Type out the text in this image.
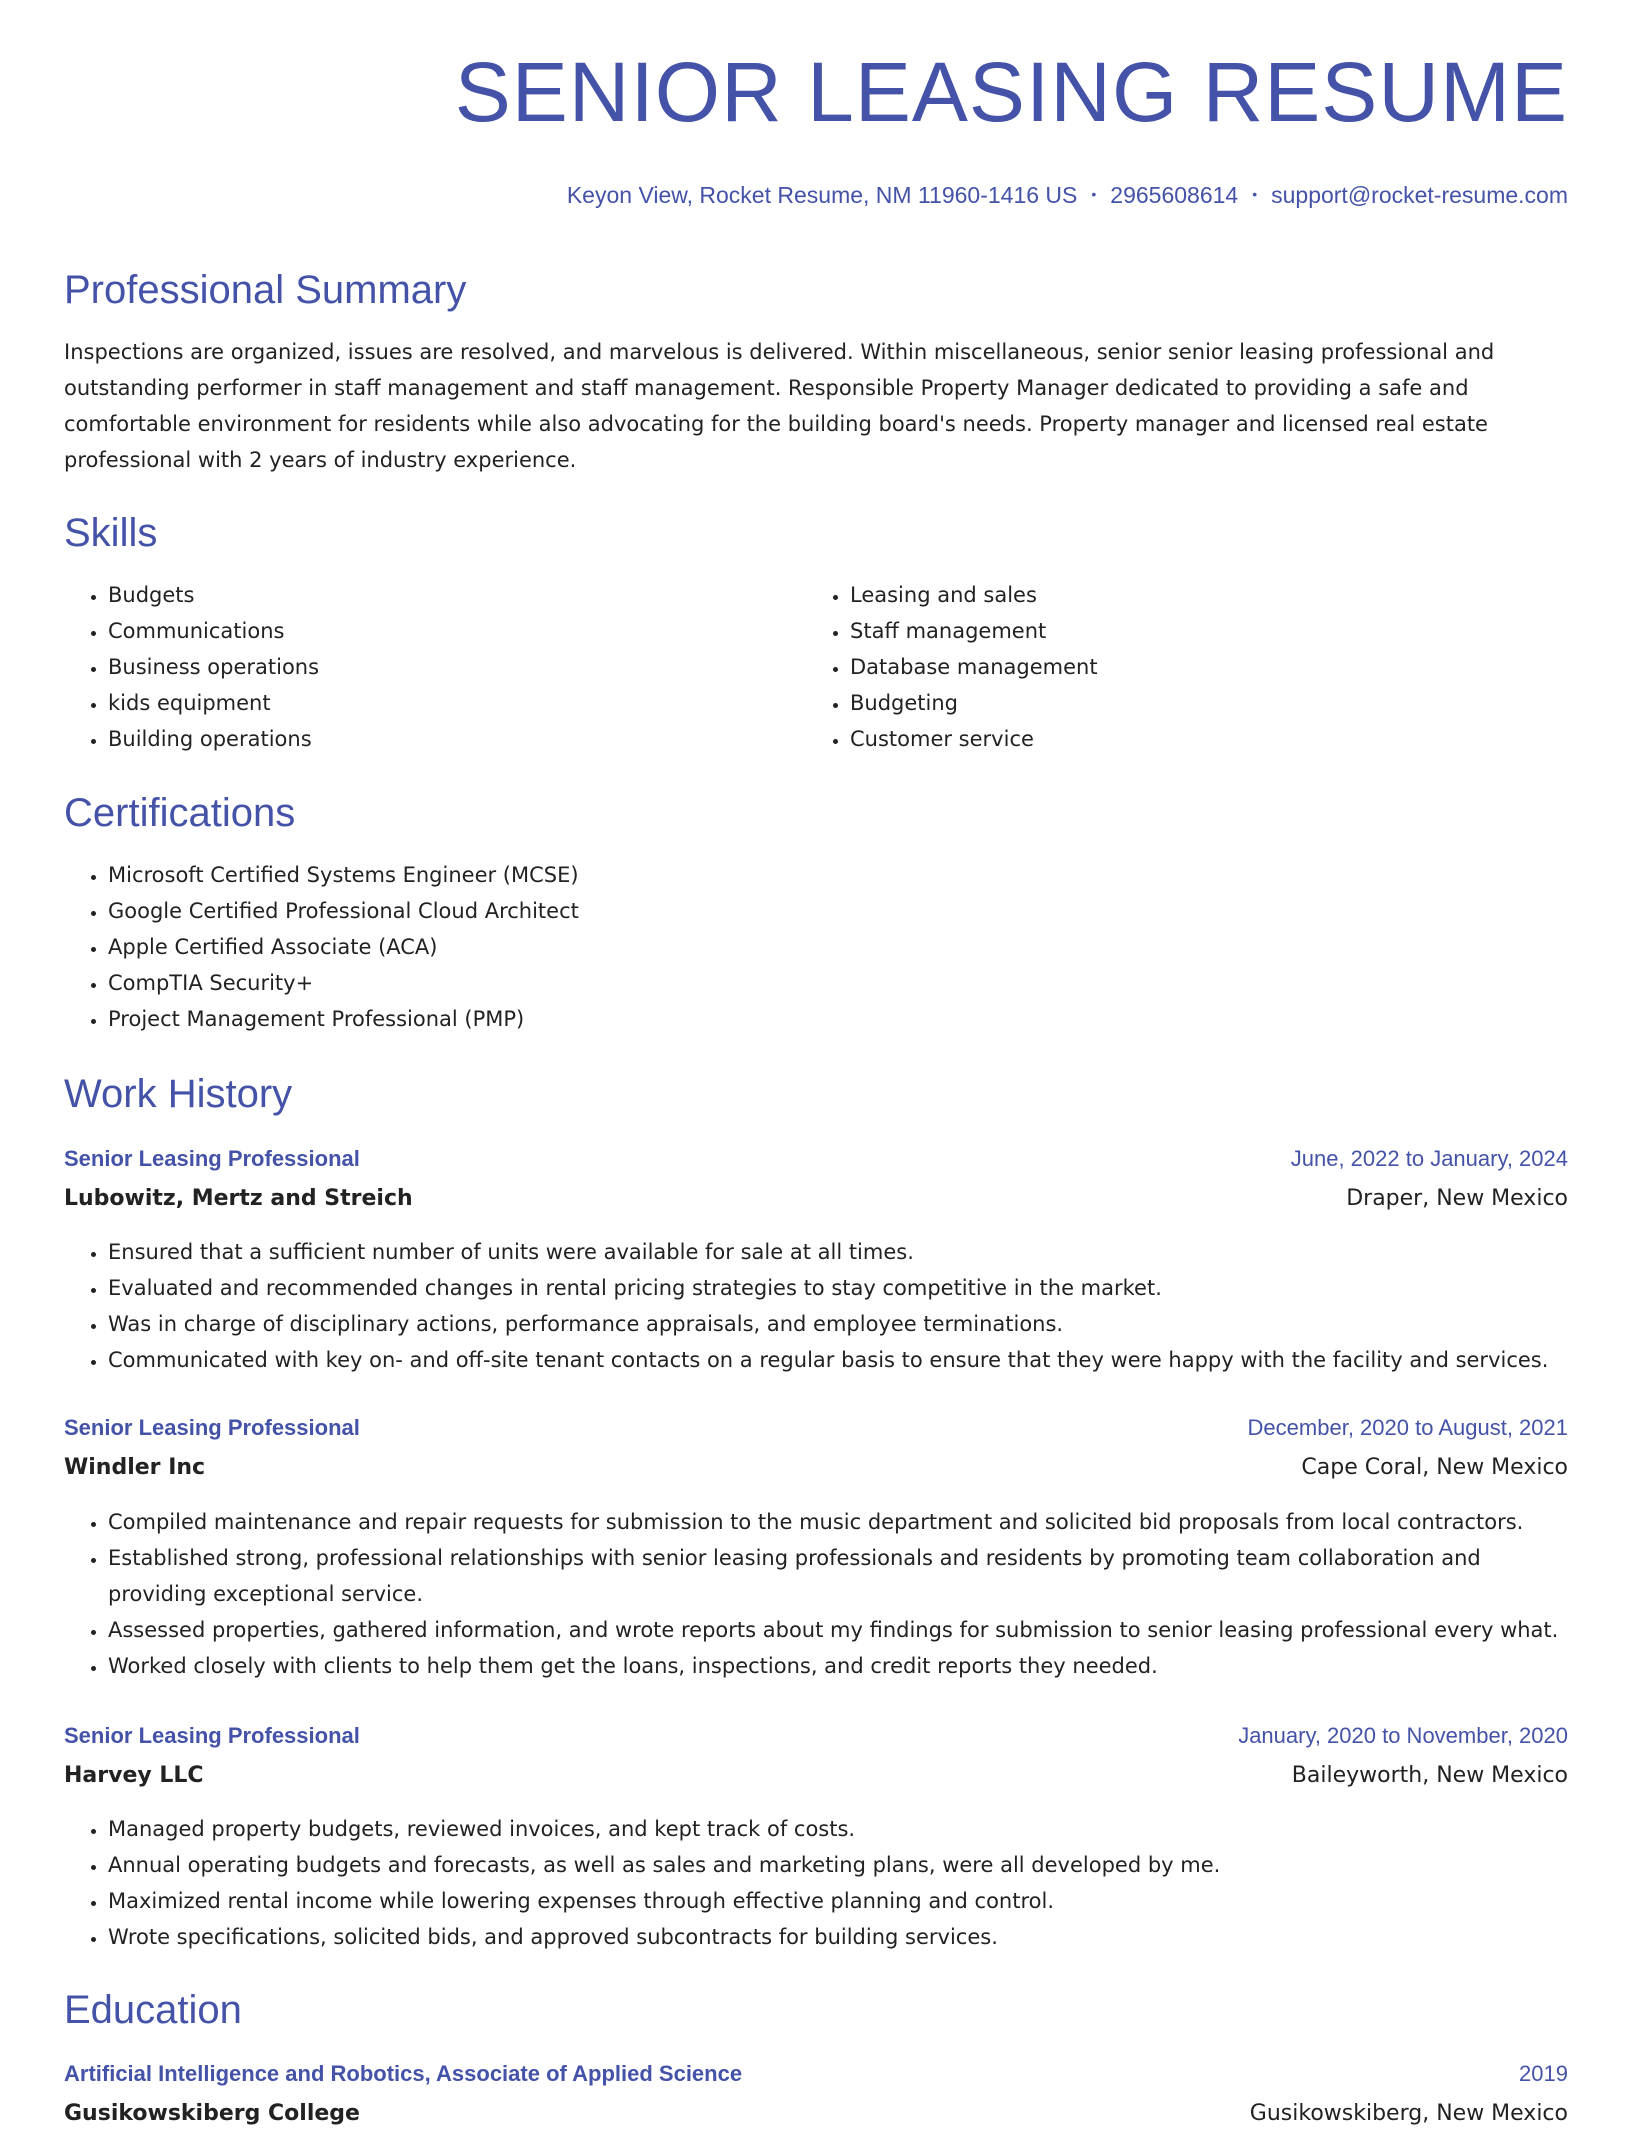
SENIOR LEASING RESUME
Keyon View, Rocket Resume, NM 11960-1416 US • 2965608614 • support@rocket-resume.com
Professional Summary

Inspections are organized, issues are resolved, and marvelous is delivered. Within miscellaneous, senior senior leasing professional and outstanding performer in staff management and staff management. Responsible Property Manager dedicated to providing a safe and comfortable environment for residents while also advocating for the building board's needs. Property manager and licensed real estate professional with 2 years of industry experience.

Skills
• Budgets
• Communications
• Business operations
• kids equipment
• Building operations
• Leasing and sales
• Staff management
• Database management
• Budgeting
• Customer service
Certifications
• Microsoft Certified Systems Engineer (MCSE)
• Google Certified Professional Cloud Architect
• Apple Certified Associate (ACA)
• CompTIA Security+
• Project Management Professional (PMP)
Work History
Senior Leasing Professional	June, 2022 to January, 2024
Lubowitz, Mertz and Streich	Draper, New Mexico
• Ensured that a sufficient number of units were available for sale at all times.
• Evaluated and recommended changes in rental pricing strategies to stay competitive in the market.
• Was in charge of disciplinary actions, performance appraisals, and employee terminations.
• Communicated with key on- and off-site tenant contacts on a regular basis to ensure that they were happy with the facility and services.
Senior Leasing Professional	December, 2020 to August, 2021
Windler Inc	Cape Coral, New Mexico
• Compiled maintenance and repair requests for submission to the music department and solicited bid proposals from local contractors.
• Established strong, professional relationships with senior leasing professionals and residents by promoting team collaboration and providing exceptional service.
• Assessed properties, gathered information, and wrote reports about my findings for submission to senior leasing professional every what.
• Worked closely with clients to help them get the loans, inspections, and credit reports they needed.
Senior Leasing Professional	January, 2020 to November, 2020
Harvey LLC	Baileyworth, New Mexico
• Managed property budgets, reviewed invoices, and kept track of costs.
• Annual operating budgets and forecasts, as well as sales and marketing plans, were all developed by me.
• Maximized rental income while lowering expenses through effective planning and control.
• Wrote specifications, solicited bids, and approved subcontracts for building services.
Education
Artificial Intelligence and Robotics, Associate of Applied Science	2019
Gusikowskiberg College	Gusikowskiberg, New Mexico
